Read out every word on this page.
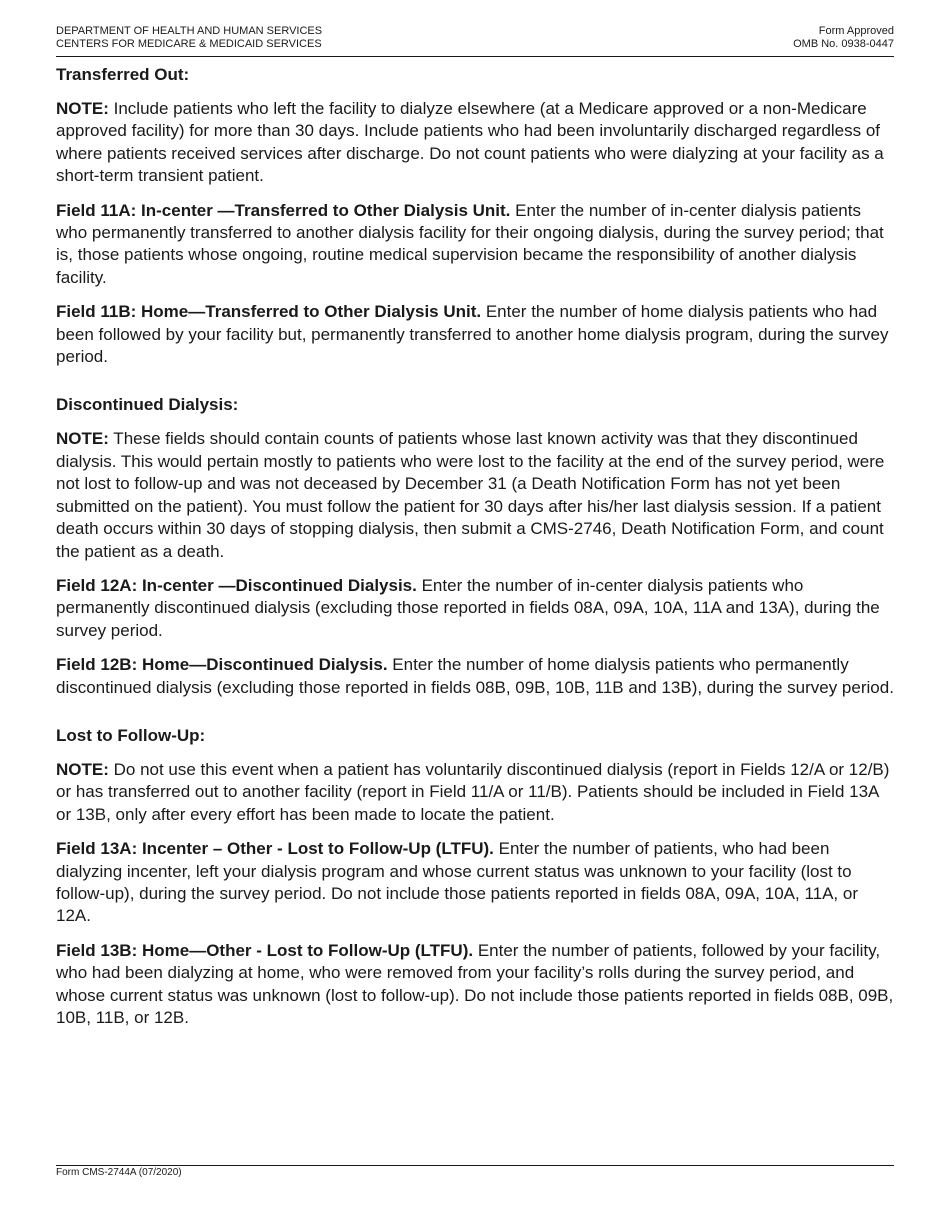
DEPARTMENT OF HEALTH AND HUMAN SERVICES
CENTERS FOR MEDICARE & MEDICAID SERVICES
Form Approved
OMB No. 0938-0447
Transferred Out:

NOTE: Include patients who left the facility to dialyze elsewhere (at a Medicare approved or a non-Medicare approved facility) for more than 30 days. Include patients who had been involuntarily discharged regardless of where patients received services after discharge. Do not count patients who were dialyzing at your facility as a short-term transient patient.

Field 11A: In-center —Transferred to Other Dialysis Unit. Enter the number of in-center dialysis patients who permanently transferred to another dialysis facility for their ongoing dialysis, during the survey period; that is, those patients whose ongoing, routine medical supervision became the responsibility of another dialysis facility.

Field 11B: Home—Transferred to Other Dialysis Unit. Enter the number of home dialysis patients who had been followed by your facility but, permanently transferred to another home dialysis program, during the survey period.

Discontinued Dialysis:

NOTE: These fields should contain counts of patients whose last known activity was that they discontinued dialysis. This would pertain mostly to patients who were lost to the facility at the end of the survey period, were not lost to follow-up and was not deceased by December 31 (a Death Notification Form has not yet been submitted on the patient). You must follow the patient for 30 days after his/her last dialysis session. If a patient death occurs within 30 days of stopping dialysis, then submit a CMS-2746, Death Notification Form, and count the patient as a death.

Field 12A: In-center —Discontinued Dialysis. Enter the number of in-center dialysis patients who permanently discontinued dialysis (excluding those reported in fields 08A, 09A, 10A, 11A and 13A), during the survey period.

Field 12B: Home—Discontinued Dialysis. Enter the number of home dialysis patients who permanently discontinued dialysis (excluding those reported in fields 08B, 09B, 10B, 11B and 13B), during the survey period.

Lost to Follow-Up:

NOTE: Do not use this event when a patient has voluntarily discontinued dialysis (report in Fields 12/A or 12/B) or has transferred out to another facility (report in Field 11/A or 11/B). Patients should be included in Field 13A or 13B, only after every effort has been made to locate the patient.

Field 13A: Incenter – Other - Lost to Follow-Up (LTFU). Enter the number of patients, who had been dialyzing incenter, left your dialysis program and whose current status was unknown to your facility (lost to follow-up), during the survey period. Do not include those patients reported in fields 08A, 09A, 10A, 11A, or 12A.

Field 13B: Home—Other - Lost to Follow-Up (LTFU). Enter the number of patients, followed by your facility, who had been dialyzing at home, who were removed from your facility’s rolls during the survey period, and whose current status was unknown (lost to follow-up). Do not include those patients reported in fields 08B, 09B, 10B, 11B, or 12B.

Form CMS-2744A (07/2020)
